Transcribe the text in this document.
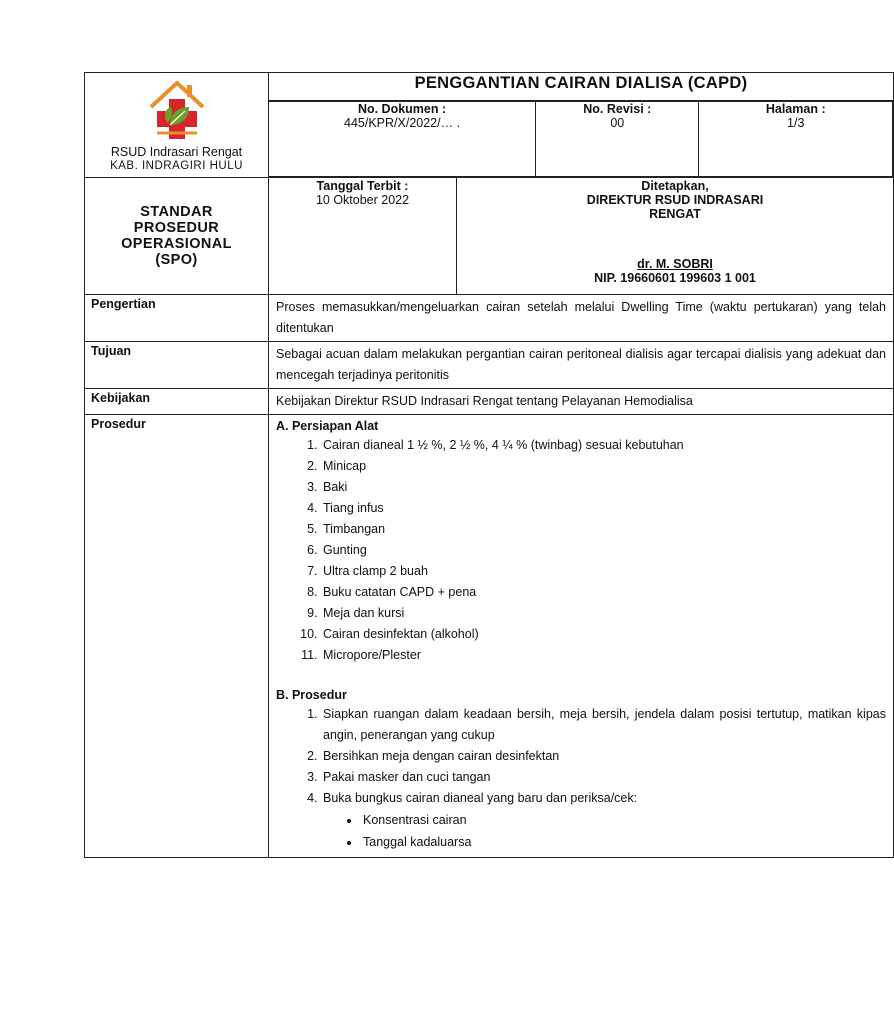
RSUD Indrasari Rengat
KAB. INDRAGIRI HULU
	PENGGANTIAN CAIRAN DIALISA (CAPD)

No. Dokumen :
445/KPR/X/2022/… .

No. Revisi :
00

Halaman :
1/3

STANDAR
PROSEDUR
OPERASIONAL
(SPO)

Tanggal Terbit :
10 Oktober 2022

Ditetapkan,
DIREKTUR RSUD INDRASARI
RENGAT
dr. M. SOBRI
NIP. 19660601 199603 1 001

Pengertian	Proses memasukkan/mengeluarkan cairan setelah melalui Dwelling Time (waktu pertukaran) yang telah ditentukan
Tujuan	Sebagai acuan dalam melakukan pergantian cairan peritoneal dialisis agar tercapai dialisis yang adekuat dan mencegah terjadinya peritonitis
Kebijakan	Kebijakan Direktur RSUD Indrasari Rengat tentang Pelayanan Hemodialisa
Prosedur	A. Persiapan Alat
1. Cairan dianeal 1 ½ %, 2 ½ %, 4 ¼ % (twinbag) sesuai kebutuhan
2. Minicap
3. Baki
4. Tiang infus
5. Timbangan
6. Gunting
7. Ultra clamp 2 buah
8. Buku catatan CAPD + pena
9. Meja dan kursi
10. Cairan desinfektan (alkohol)
11. Micropore/Plester
B. Prosedur
1. Siapkan ruangan dalam keadaan bersih, meja bersih, jendela dalam posisi tertutup, matikan kipas angin, penerangan yang cukup
2. Bersihkan meja dengan cairan desinfektan
3. Pakai masker dan cuci tangan
4. Buka bungkus cairan dianeal yang baru dan periksa/cek:
• Konsentrasi cairan
• Tanggal kadaluarsa
